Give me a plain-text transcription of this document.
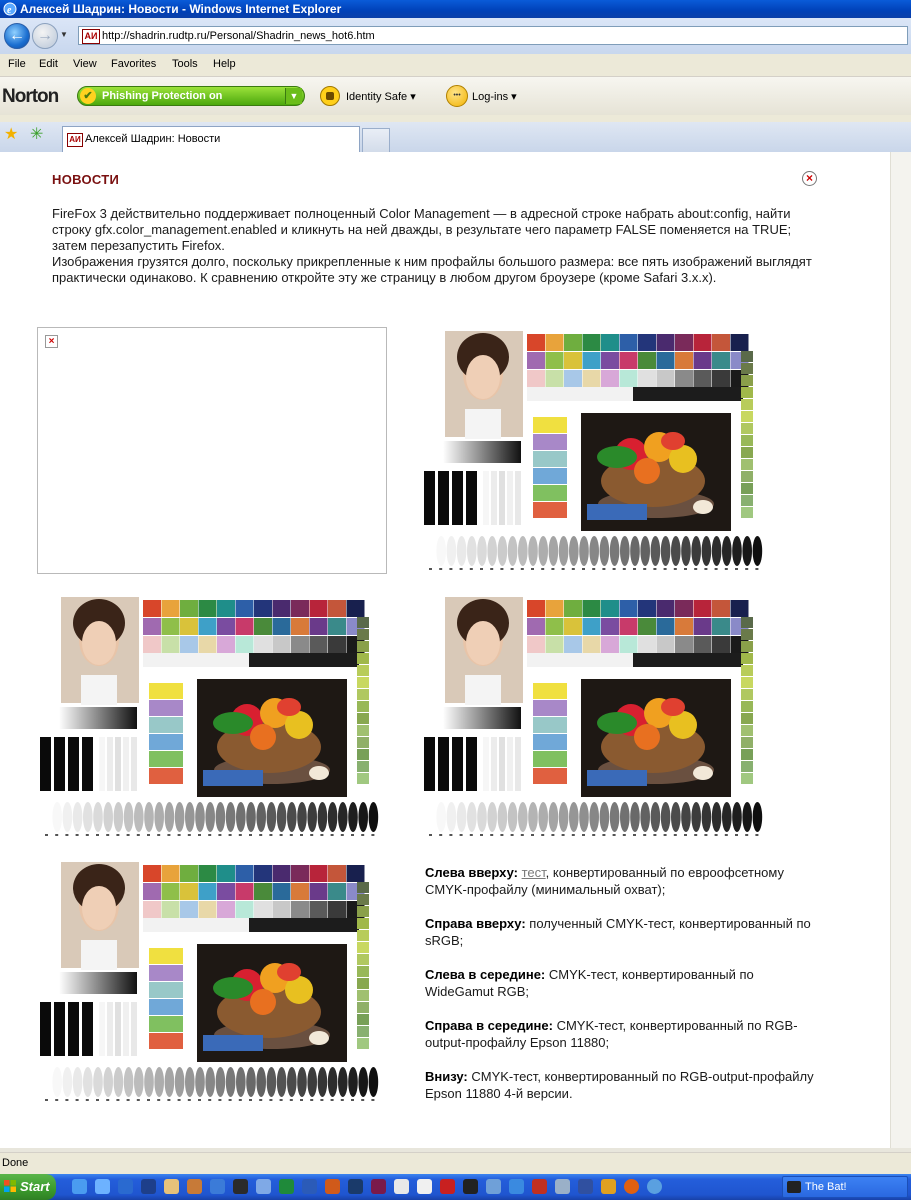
e Алексей Шадрин: Новости - Windows Internet Explorer
← → ▼ AИ
http://shadrin.rudtp.ru/Personal/Shadrin_news_hot6.htm
File Edit View Favorites Tools Help
Norton	✔ Phishing Protection on	▼	Identity Safe ▾	•••	Log-ins ▾
★ ✳	AИ Алексей Шадрин: Новости
НОВОСТИ	×

FireFox 3 действительно поддерживает полноценный Color Management — в адресной строке набрать about:config, найти строку gfx.color_management.enabled и кликнуть на ней дважды, в результате чего параметр FALSE поменяется на TRUE; затем перезапустить Firefox.

Изображения грузятся долго, поскольку прикрепленные к ним профайлы большого размера: все пять изображений выглядят практически одинаково. К сравнению откройте эту же страницу в любом другом броузере (кроме Safari 3.x.x).

×

Слева вверху: тест, конвертированный по евроофсетному CMYK-профайлу (минимальный охват);

Справа вверху: полученный CMYK-тест, конвертированный по sRGB;

Слева в середине: CMYK-тест, конвертированный по WideGamut RGB;

Справа в середине: CMYK-тест, конвертированный по RGB-output-профайлу Epson 11880;

Внизу: CMYK-тест, конвертированный по RGB-output-профайлу Epson 11880 4-й версии.

Done
Start	The Bat!
